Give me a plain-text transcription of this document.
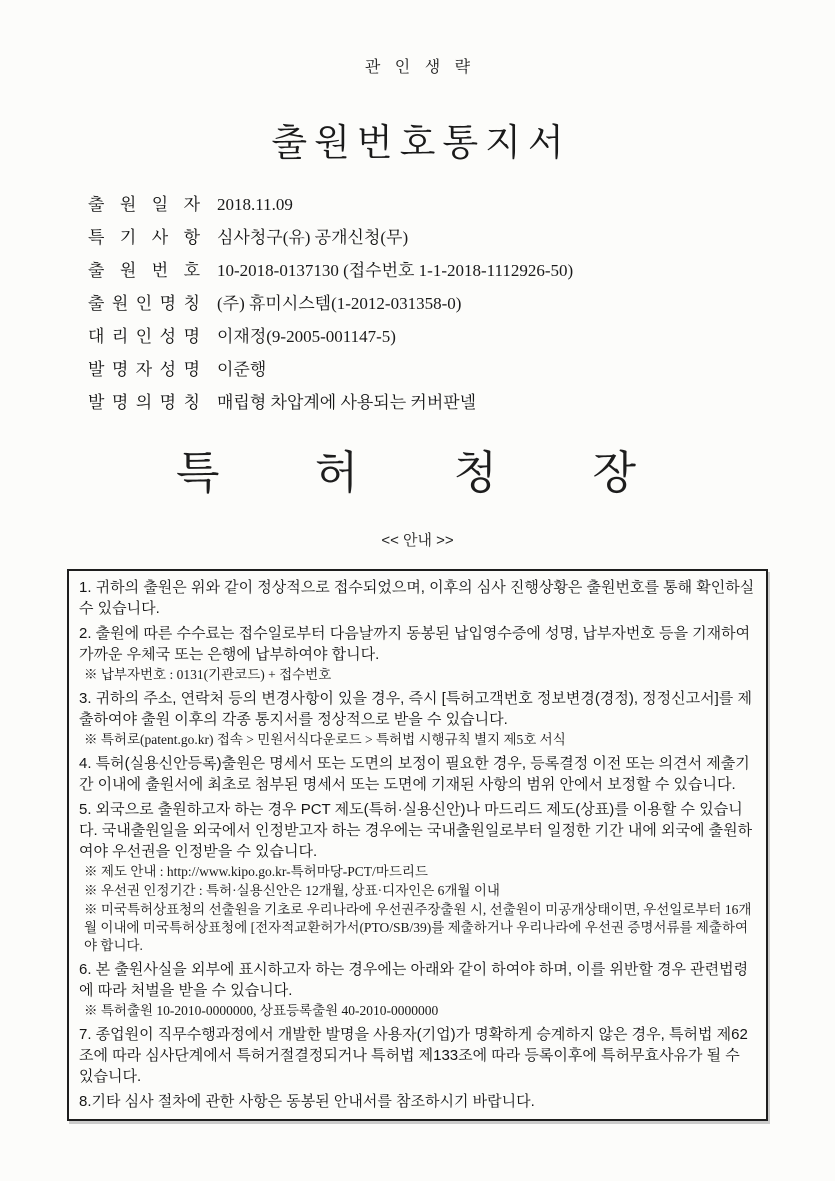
관 인 생 략
출원번호통지서
출 원 일 자 2018.11.09
특 기 사 항 심사청구(유) 공개신청(무)
출 원 번 호 10-2018-0137130 (접수번호 1-1-2018-1112926-50)
출 원 인 명 칭 (주) 휴미시스템(1-2012-031358-0)
대 리 인 성 명 이재정(9-2005-001147-5)
발 명 자 성 명 이준행
발 명 의 명 칭 매립형 차압계에 사용되는 커버판넬
특 허 청 장
<< 안내 >>

1. 귀하의 출원은 위와 같이 정상적으로 접수되었으며, 이후의 심사 진행상황은 출원번호를 통해 확인하실 수 있습니다.

2. 출원에 따른 수수료는 접수일로부터 다음날까지 동봉된 납입영수증에 성명, 납부자번호 등을 기재하여 가까운 우체국 또는 은행에 납부하여야 합니다.

※ 납부자번호 : 0131(기관코드) + 접수번호

3. 귀하의 주소, 연락처 등의 변경사항이 있을 경우, 즉시 [특허고객번호 정보변경(경정), 정정신고서]를 제출하여야 출원 이후의 각종 통지서를 정상적으로 받을 수 있습니다.

※ 특허로(patent.go.kr) 접속 > 민원서식다운로드 > 특허법 시행규칙 별지 제5호 서식

4. 특허(실용신안등록)출원은 명세서 또는 도면의 보정이 필요한 경우, 등록결정 이전 또는 의견서 제출기간 이내에 출원서에 최초로 첨부된 명세서 또는 도면에 기재된 사항의 범위 안에서 보정할 수 있습니다.

5. 외국으로 출원하고자 하는 경우 PCT 제도(특허·실용신안)나 마드리드 제도(상표)를 이용할 수 있습니다. 국내출원일을 외국에서 인정받고자 하는 경우에는 국내출원일로부터 일정한 기간 내에 외국에 출원하여야 우선권을 인정받을 수 있습니다.

※ 제도 안내 : http://www.kipo.go.kr-특허마당-PCT/마드리드

※ 우선권 인정기간 : 특허·실용신안은 12개월, 상표·디자인은 6개월 이내

※ 미국특허상표청의 선출원을 기초로 우리나라에 우선권주장출원 시, 선출원이 미공개상태이면, 우선일로부터 16개월 이내에 미국특허상표청에 [전자적교환허가서(PTO/SB/39)를 제출하거나 우리나라에 우선권 증명서류를 제출하여야 합니다.

6. 본 출원사실을 외부에 표시하고자 하는 경우에는 아래와 같이 하여야 하며, 이를 위반할 경우 관련법령에 따라 처벌을 받을 수 있습니다.

※ 특허출원 10-2010-0000000, 상표등록출원 40-2010-0000000

7. 종업원이 직무수행과정에서 개발한 발명을 사용자(기업)가 명확하게 승계하지 않은 경우, 특허법 제62조에 따라 심사단계에서 특허거절결정되거나 특허법 제133조에 따라 등록이후에 특허무효사유가 될 수 있습니다.

8.기타 심사 절차에 관한 사항은 동봉된 안내서를 참조하시기 바랍니다.
